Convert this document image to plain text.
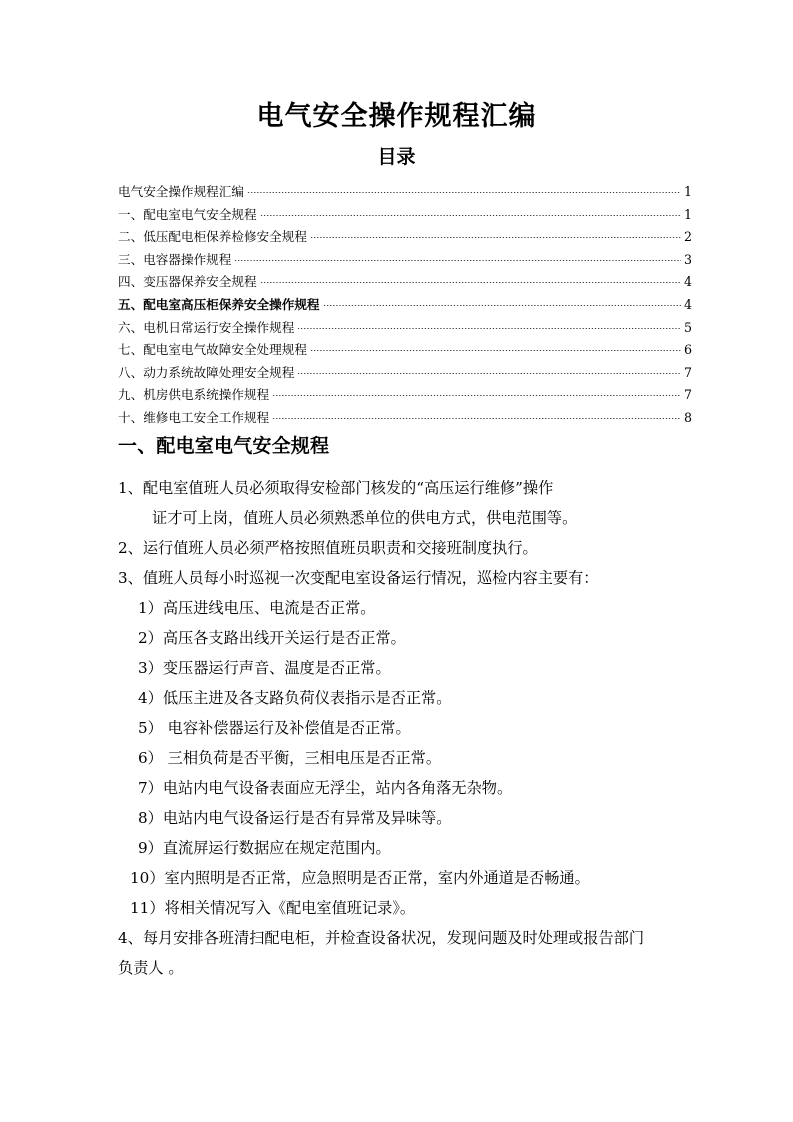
电气安全操作规程汇编
目录
电气安全操作规程汇编	1
一、配电室电气安全规程	1
二、低压配电柜保养检修安全规程	2
三、电容器操作规程	3
四、变压器保养安全规程	4
五、配电室高压柜保养安全操作规程	4
六、电机日常运行安全操作规程	5
七、配电室电气故障安全处理规程	6
八、动力系统故障处理安全规程	7
九、机房供电系统操作规程	7
十、维修电工安全工作规程	8
一、配电室电气安全规程
1、配电室值班人员必须取得安检部门核发的“高压运行维修”操作
证才可上岗，值班人员必须熟悉单位的供电方式，供电范围等。
2、运行值班人员必须严格按照值班员职责和交接班制度执行。
3、值班人员每小时巡视一次变配电室设备运行情况，巡检内容主要有：
1）高压进线电压、电流是否正常。
2）高压各支路出线开关运行是否正常。
3）变压器运行声音、温度是否正常。
4）低压主进及各支路负荷仪表指示是否正常。
5） 电容补偿器运行及补偿值是否正常。
6） 三相负荷是否平衡，三相电压是否正常。
7）电站内电气设备表面应无浮尘，站内各角落无杂物。
8）电站内电气设备运行是否有异常及异味等。
9）直流屏运行数据应在规定范围内。
10）室内照明是否正常，应急照明是否正常，室内外通道是否畅通。
11）将相关情况写入《配电室值班记录》。
4、每月安排各班清扫配电柜，并检查设备状况，发现问题及时处理或报告部门
负责人 。
